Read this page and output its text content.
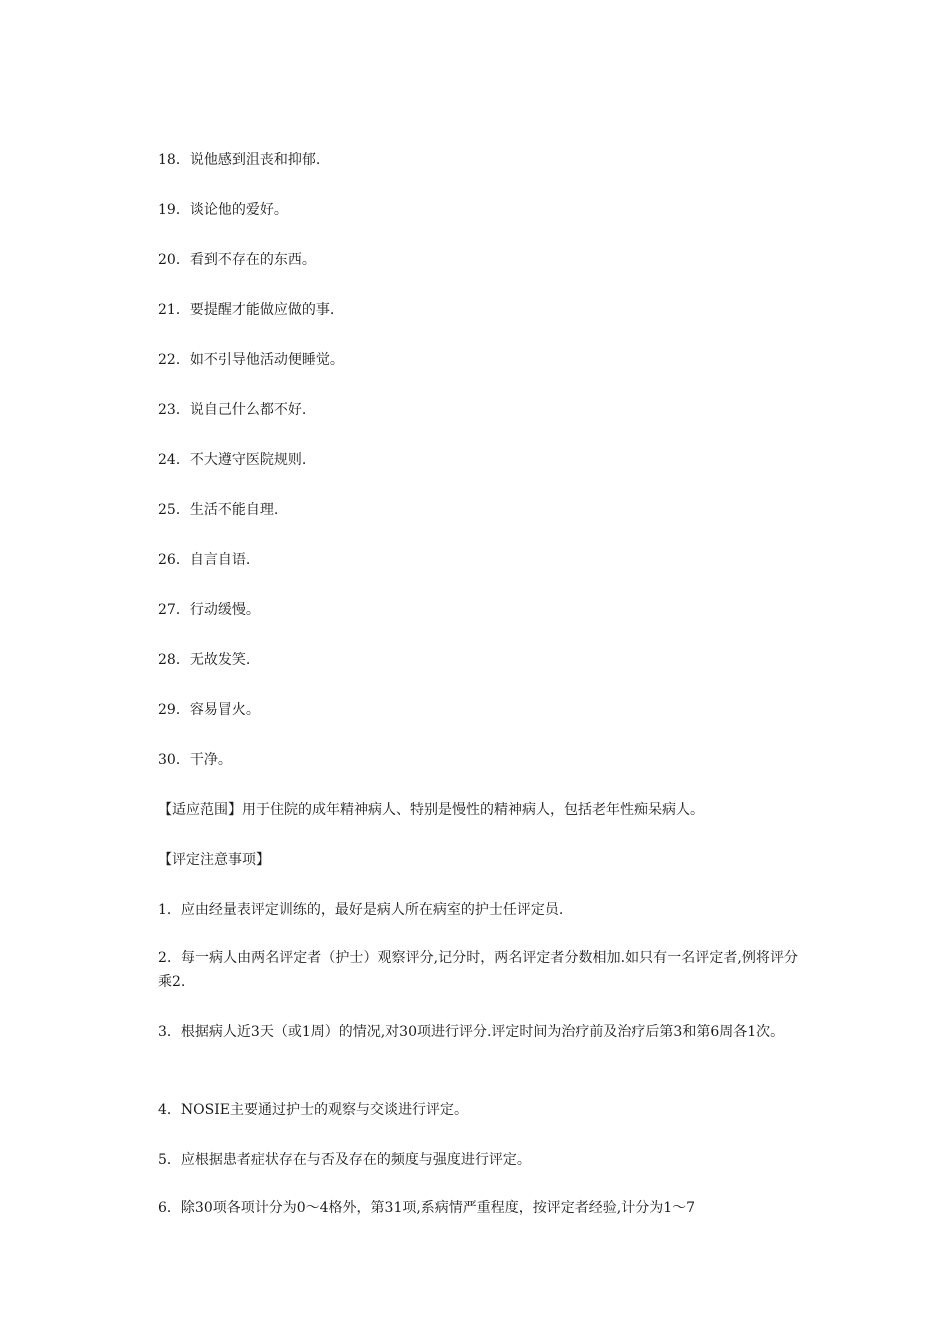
18．说他感到沮丧和抑郁.
19．谈论他的爱好。
20．看到不存在的东西。
21．要提醒才能做应做的事.
22．如不引导他活动便睡觉。
23．说自己什么都不好.
24．不大遵守医院规则.
25．生活不能自理.
26．自言自语.
27．行动缓慢。
28．无故发笑.
29．容易冒火。
30．干净。
【适应范围】用于住院的成年精神病人、特别是慢性的精神病人，包括老年性痴呆病人。
【评定注意事项】
1．应由经量表评定训练的，最好是病人所在病室的护士任评定员.
2．每一病人由两名评定者（护士）观察评分,记分时，两名评定者分数相加.如只有一名评定者,例将评分乘2.
3．根据病人近3天（或1周）的情况,对30项进行评分.评定时间为治疗前及治疗后第3和第6周各1次。
4．NOSIE主要通过护士的观察与交谈进行评定。
5．应根据患者症状存在与否及存在的频度与强度进行评定。
6．除30项各项计分为0～4格外，第31项,系病情严重程度，按评定者经验,计分为1～7
